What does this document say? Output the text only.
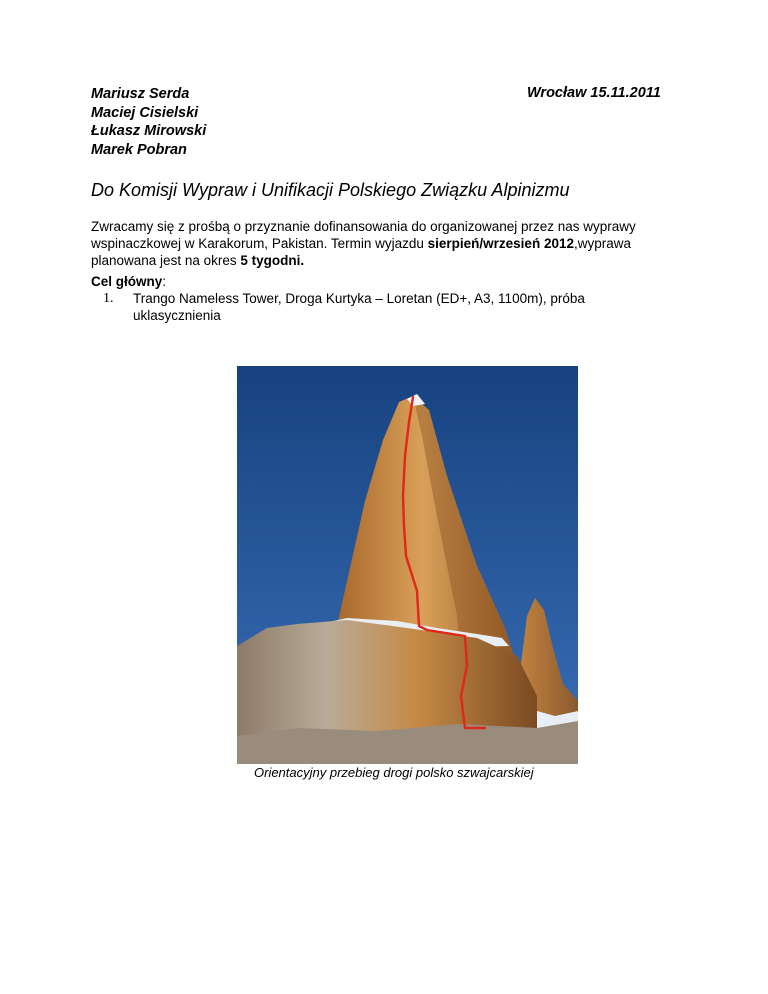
Mariusz Serda
Maciej Cisielski
Łukasz Mirowski
Marek Pobran
Wrocław 15.11.2011
Do Komisji Wypraw i Unifikacji Polskiego Związku Alpinizmu
Zwracamy się z prośbą o przyznanie dofinansowania do organizowanej przez nas wyprawy
wspinaczkowej w Karakorum, Pakistan. Termin wyjazdu sierpień/wrzesień 2012,wyprawa
planowana jest na okres 5 tygodni.
Cel główny:
1.	Trango Nameless Tower, Droga Kurtyka – Loretan (ED+, A3, 1100m), próba
uklasycznienia
Orientacyjny przebieg drogi polsko szwajcarskiej
